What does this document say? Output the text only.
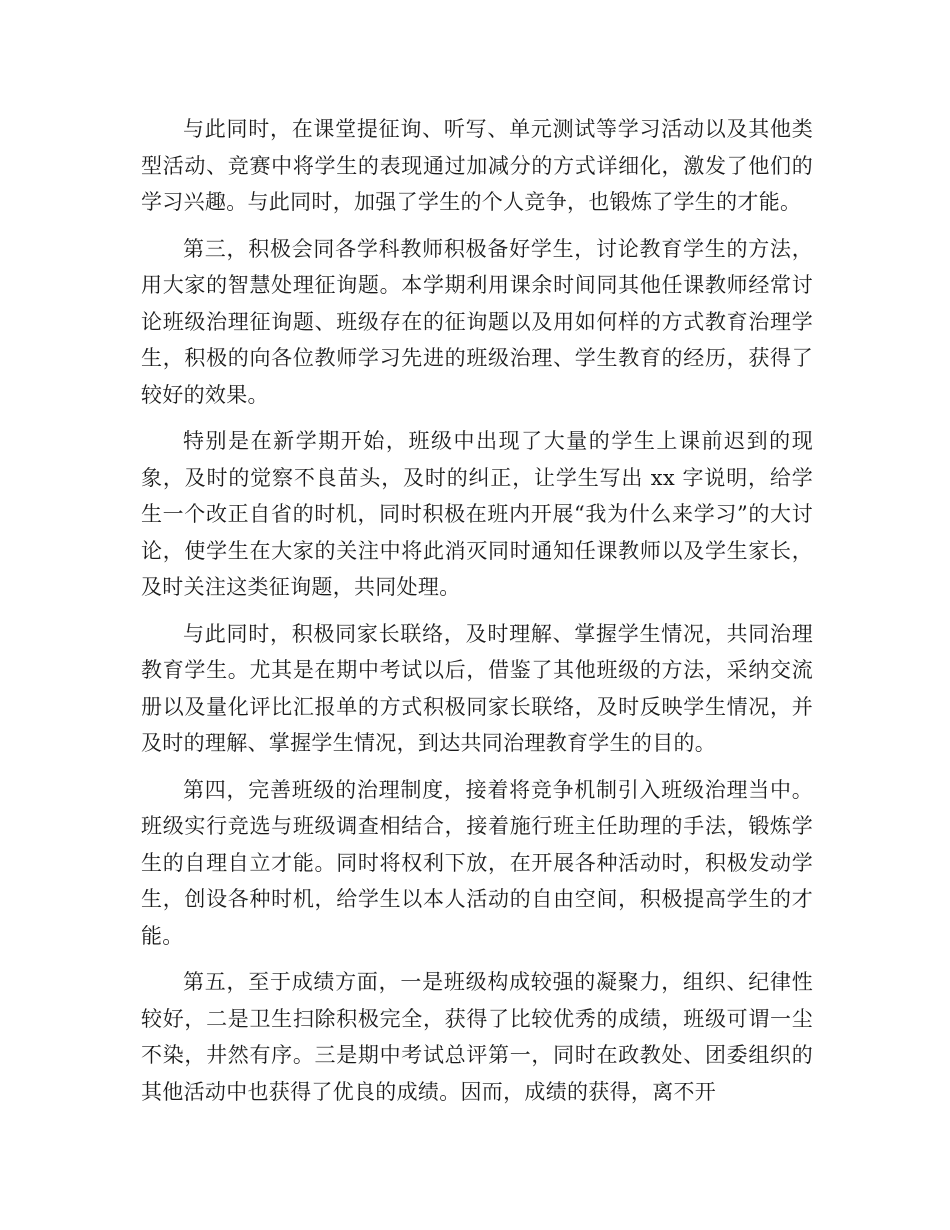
与此同时，在课堂提征询、听写、单元测试等学习活动以及其他类型活动、竞赛中将学生的表现通过加减分的方式详细化，激发了他们的学习兴趣。与此同时，加强了学生的个人竞争，也锻炼了学生的才能。

第三，积极会同各学科教师积极备好学生，讨论教育学生的方法，用大家的智慧处理征询题。本学期利用课余时间同其他任课教师经常讨论班级治理征询题、班级存在的征询题以及用如何样的方式教育治理学生，积极的向各位教师学习先进的班级治理、学生教育的经历，获得了较好的效果。

特别是在新学期开始，班级中出现了大量的学生上课前迟到的现象，及时的觉察不良苗头，及时的纠正，让学生写出 xx 字说明，给学生一个改正自省的时机，同时积极在班内开展“我为什么来学习”的大讨论，使学生在大家的关注中将此消灭同时通知任课教师以及学生家长，及时关注这类征询题，共同处理。

与此同时，积极同家长联络，及时理解、掌握学生情况，共同治理教育学生。尤其是在期中考试以后，借鉴了其他班级的方法，采纳交流册以及量化评比汇报单的方式积极同家长联络，及时反映学生情况，并及时的理解、掌握学生情况，到达共同治理教育学生的目的。

第四，完善班级的治理制度，接着将竞争机制引入班级治理当中。班级实行竞选与班级调查相结合，接着施行班主任助理的手法，锻炼学生的自理自立才能。同时将权利下放，在开展各种活动时，积极发动学生，创设各种时机，给学生以本人活动的自由空间，积极提高学生的才能。

第五，至于成绩方面，一是班级构成较强的凝聚力，组织、纪律性较好，二是卫生扫除积极完全，获得了比较优秀的成绩，班级可谓一尘不染，井然有序。三是期中考试总评第一，同时在政教处、团委组织的其他活动中也获得了优良的成绩。因而，成绩的获得，离不开
